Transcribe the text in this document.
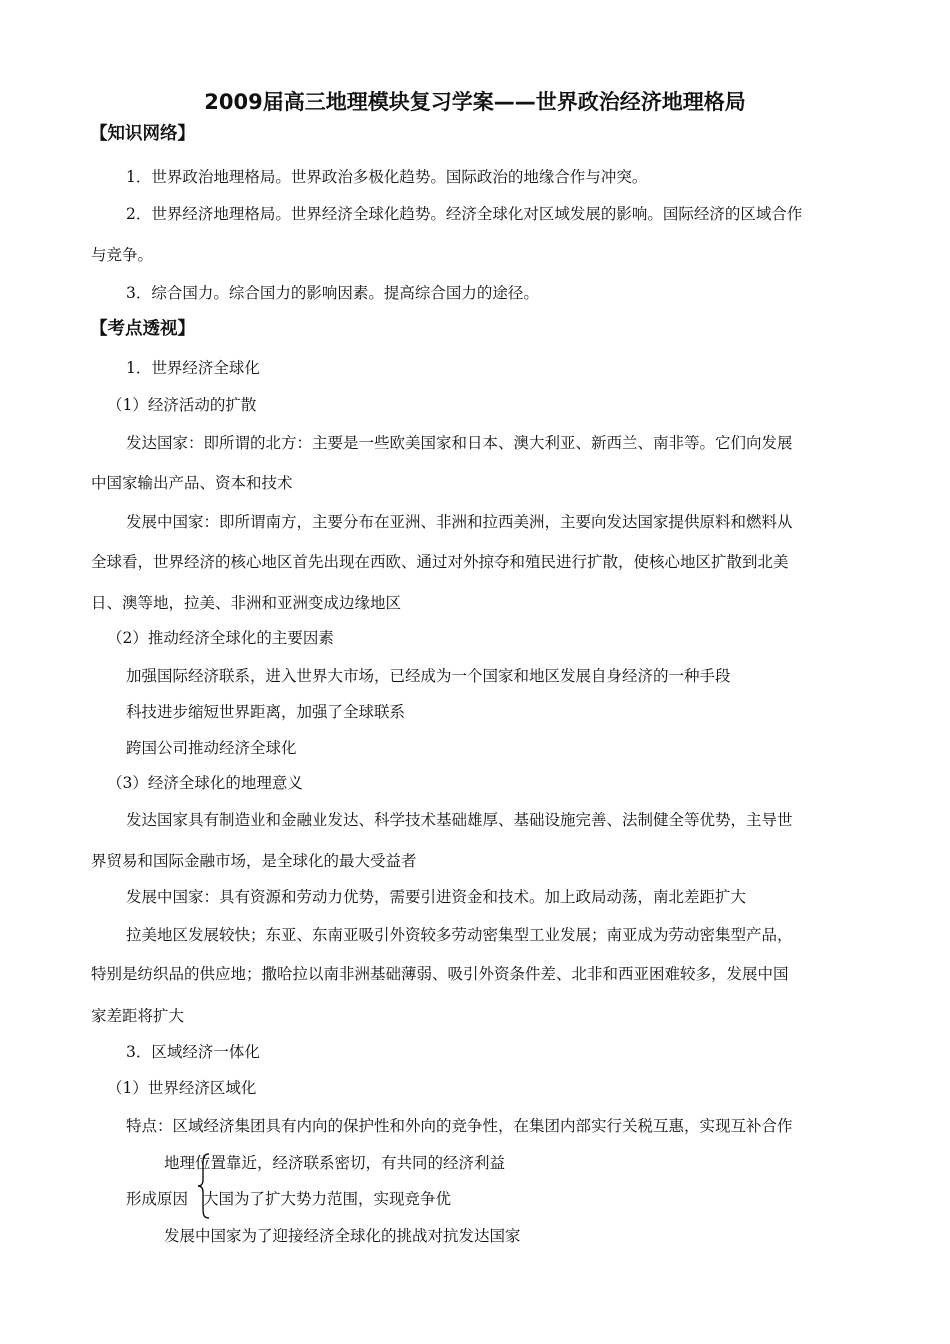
2009届高三地理模块复习学案——世界政治经济地理格局
【知识网络】
1．世界政治地理格局。世界政治多极化趋势。国际政治的地缘合作与冲突。
2．世界经济地理格局。世界经济全球化趋势。经济全球化对区域发展的影响。国际经济的区域合作
与竞争。
3．综合国力。综合国力的影响因素。提高综合国力的途径。
【考点透视】
1．世界经济全球化
（1）经济活动的扩散
发达国家：即所谓的北方：主要是一些欧美国家和日本、澳大利亚、新西兰、南非等。它们向发展
中国家输出产品、资本和技术
发展中国家：即所谓南方，主要分布在亚洲、非洲和拉西美洲，主要向发达国家提供原料和燃料从
全球看，世界经济的核心地区首先出现在西欧、通过对外掠夺和殖民进行扩散，使核心地区扩散到北美
日、澳等地，拉美、非洲和亚洲变成边缘地区
（2）推动经济全球化的主要因素
加强国际经济联系，进入世界大市场，已经成为一个国家和地区发展自身经济的一种手段
科技进步缩短世界距离，加强了全球联系
跨国公司推动经济全球化
（3）经济全球化的地理意义
发达国家具有制造业和金融业发达、科学技术基础雄厚、基础设施完善、法制健全等优势，主导世
界贸易和国际金融市场，是全球化的最大受益者
发展中国家：具有资源和劳动力优势，需要引进资金和技术。加上政局动荡，南北差距扩大
拉美地区发展较快；东亚、东南亚吸引外资较多劳动密集型工业发展；南亚成为劳动密集型产品，
特别是纺织品的供应地；撒哈拉以南非洲基础薄弱、吸引外资条件差、北非和西亚困难较多，发展中国
家差距将扩大
3．区域经济一体化
（1）世界经济区域化
特点：区域经济集团具有内向的保护性和外向的竞争性，在集团内部实行关税互惠，实现互补合作
地理位置靠近，经济联系密切，有共同的经济利益
形成原因 大国为了扩大势力范围，实现竞争优
发展中国家为了迎接经济全球化的挑战对抗发达国家
